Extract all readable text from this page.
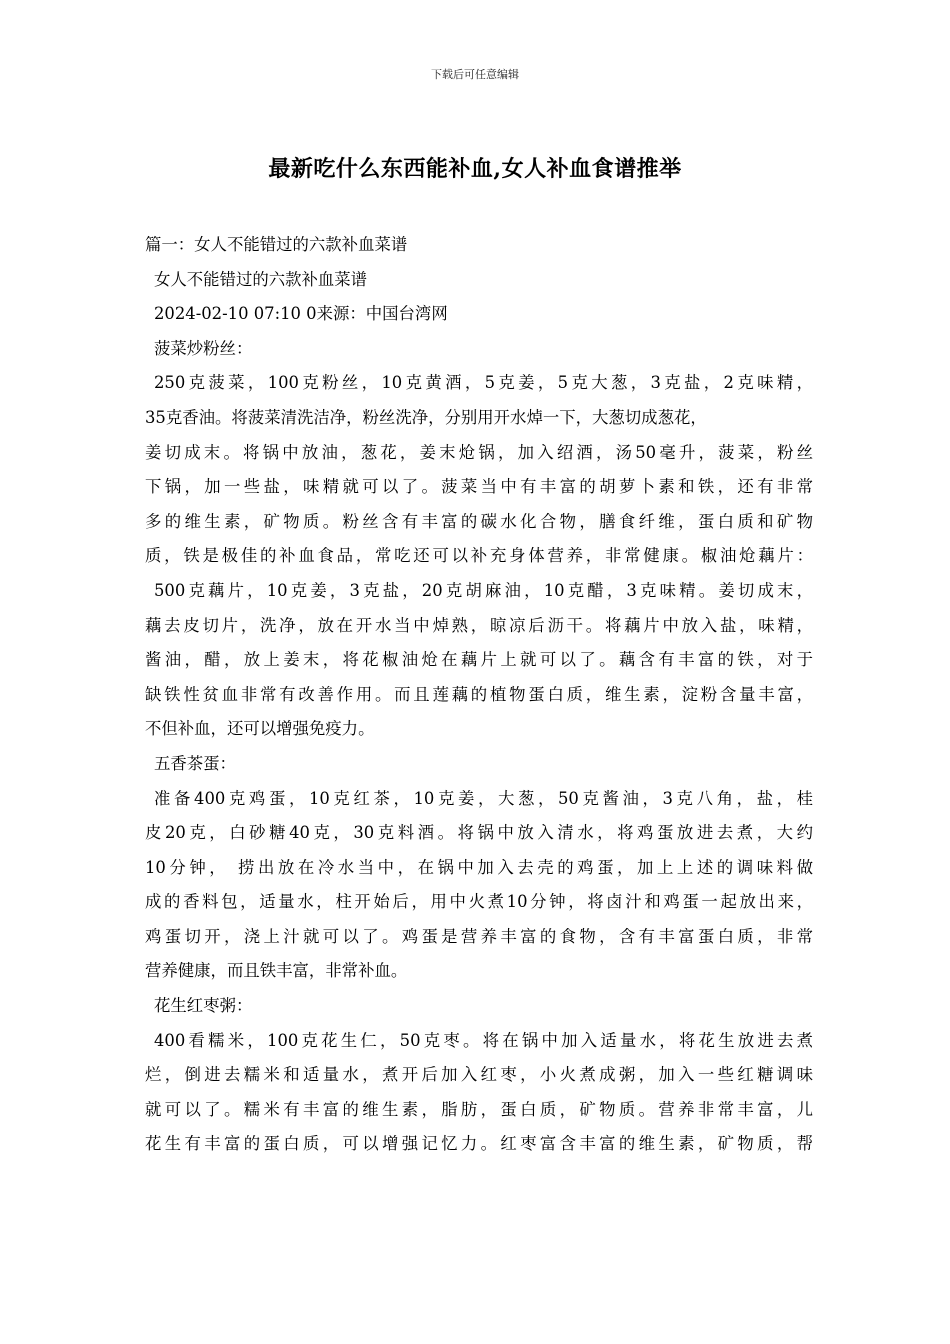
下载后可任意编辑
最新吃什么东西能补血,女人补血食谱推举
篇一：女人不能错过的六款补血菜谱
女人不能错过的六款补血菜谱
2024-02-10 07:10 0来源：中国台湾网
菠菜炒粉丝：
250克菠菜，100克粉丝，10克黄酒，5克姜，5克大葱，3克盐，2克味精，
35克香油。将菠菜清洗洁净，粉丝洗净，分别用开水焯一下，大葱切成葱花，
姜切成末。将锅中放油，葱花，姜末炝锅，加入绍酒，汤50毫升，菠菜，粉丝
下锅，加一些盐，味精就可以了。菠菜当中有丰富的胡萝卜素和铁，还有非常
多的维生素，矿物质。粉丝含有丰富的碳水化合物，膳食纤维，蛋白质和矿物
质，铁是极佳的补血食品，常吃还可以补充身体营养，非常健康。椒油炝藕片：
500克藕片，10克姜，3克盐，20克胡麻油，10克醋，3克味精。姜切成末，
藕去皮切片，洗净，放在开水当中焯熟，晾凉后沥干。将藕片中放入盐，味精，
酱油，醋，放上姜末，将花椒油炝在藕片上就可以了。藕含有丰富的铁，对于
缺铁性贫血非常有改善作用。而且莲藕的植物蛋白质，维生素，淀粉含量丰富，
不但补血，还可以增强免疫力。
五香茶蛋：
准备400克鸡蛋，10克红茶，10克姜，大葱，50克酱油，3克八角，盐，桂
皮20克，白砂糖40克，30克料酒。将锅中放入清水，将鸡蛋放进去煮，大约
10分钟， 捞出放在冷水当中，在锅中加入去壳的鸡蛋，加上上述的调味料做
成的香料包，适量水，柱开始后，用中火煮10分钟，将卤汁和鸡蛋一起放出来，
鸡蛋切开，浇上汁就可以了。鸡蛋是营养丰富的食物，含有丰富蛋白质，非常
营养健康，而且铁丰富，非常补血。
花生红枣粥：
400看糯米，100克花生仁，50克枣。将在锅中加入适量水，将花生放进去煮
烂，倒进去糯米和适量水，煮开后加入红枣，小火煮成粥，加入一些红糖调味
就可以了。糯米有丰富的维生素，脂肪，蛋白质，矿物质。营养非常丰富，儿
花生有丰富的蛋白质，可以增强记忆力。红枣富含丰富的维生素，矿物质，帮
